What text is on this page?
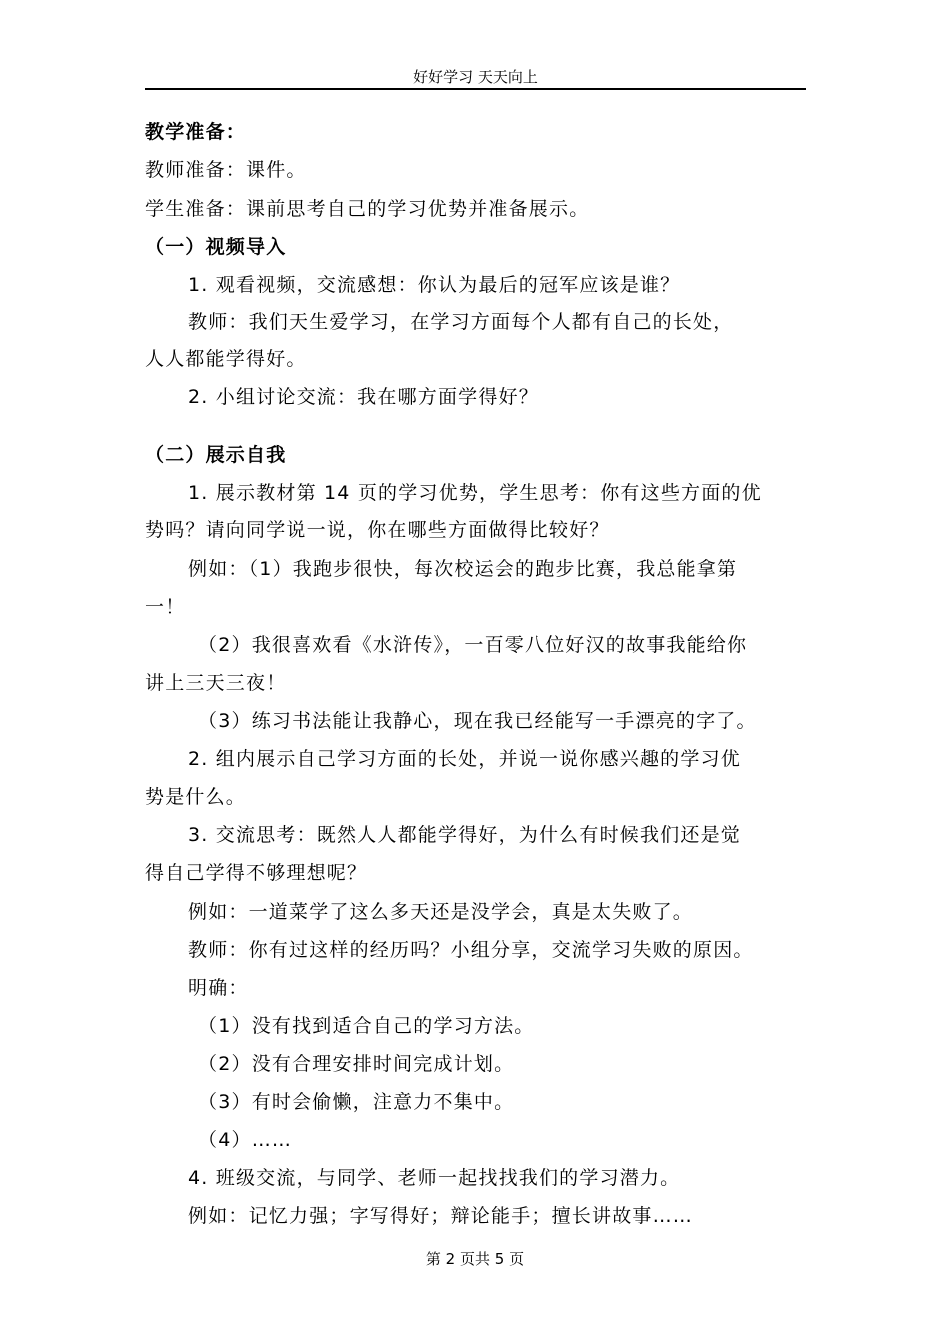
好好学习 天天向上
教学准备：
教师准备：课件。
学生准备：课前思考自己的学习优势并准备展示。
（一）视频导入
1. 观看视频，交流感想：你认为最后的冠军应该是谁？
教师：我们天生爱学习，在学习方面每个人都有自己的长处，
人人都能学得好。
2. 小组讨论交流：我在哪方面学得好？
（二）展示自我
1. 展示教材第 14 页的学习优势，学生思考：你有这些方面的优
势吗？请向同学说一说，你在哪些方面做得比较好？
例如：（1）我跑步很快，每次校运会的跑步比赛，我总能拿第
一！
（2）我很喜欢看《水浒传》，一百零八位好汉的故事我能给你
讲上三天三夜！
（3）练习书法能让我静心，现在我已经能写一手漂亮的字了。
2. 组内展示自己学习方面的长处，并说一说你感兴趣的学习优
势是什么。
3. 交流思考：既然人人都能学得好，为什么有时候我们还是觉
得自己学得不够理想呢？
例如：一道菜学了这么多天还是没学会，真是太失败了。
教师：你有过这样的经历吗？小组分享，交流学习失败的原因。
明确：
（1）没有找到适合自己的学习方法。
（2）没有合理安排时间完成计划。
（3）有时会偷懒，注意力不集中。
（4）……
4. 班级交流，与同学、老师一起找找我们的学习潜力。
例如：记忆力强；字写得好；辩论能手；擅长讲故事……
第 2 页共 5 页
